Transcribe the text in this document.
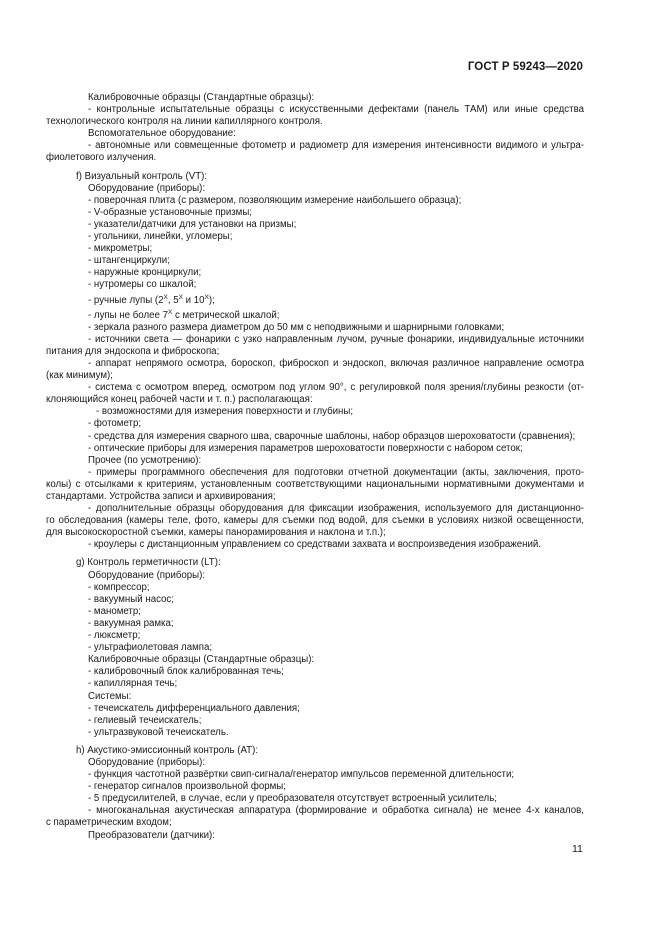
ГОСТ Р 59243—2020
Калибровочные образцы (Стандартные образцы):
- контрольные испытательные образцы с искусственными дефектами (панель ТАМ) или иные средства
технологического контроля на линии капиллярного контроля.
Вспомогательное оборудование:
- автономные или совмещенные фотометр и радиометр для измерения интенсивности видимого и ультра-
фиолетового излучения.
f) Визуальный контроль (VT):
Оборудование (приборы):
- поверочная плита (с размером, позволяющим измерение наибольшего образца);
- V-образные установочные призмы;
- указатели/датчики для установки на призмы;
- угольники, линейки, угломеры;
- микрометры;
- штангенциркули;
- наружные кронциркули;
- нутромеры со шкалой;
- ручные лупы ($2^Х$, $5^Х$ и $10^Х$);
- лупы не более $7^Х$ с метрической шкалой;
- зеркала разного размера диаметром до 50 мм с неподвижными и шарнирными головками;
- источники света — фонарики с узко направленным лучом, ручные фонарики, индивидуальные источники
питания для эндоскопа и фиброскопа;
- аппарат непрямого осмотра, бороскоп, фиброскоп и эндоскоп, включая различное направление осмотра
(как минимум);
- система с осмотром вперед, осмотром под углом 90°, с регулировкой поля зрения/глубины резкости (от-
клоняющийся конец рабочей части и т. п.) располагающая:
- возможностями для измерения поверхности и глубины;
- фотометр;
- средства для измерения сварного шва, сварочные шаблоны, набор образцов шероховатости (сравнения);
- оптические приборы для измерения параметров шероховатости поверхности с набором сеток;
Прочее (по усмотрению):
- примеры программного обеспечения для подготовки отчетной документации (акты, заключения, прото-
колы) с отсылками к критериям, установленным соответствующими национальными нормативными документами и
стандартами. Устройства записи и архивирования;
- дополнительные образцы оборудования для фиксации изображения, используемого для дистанционно-
го обследования (камеры теле, фото, камеры для съемки под водой, для съемки в условиях низкой освещенности,
для высокоскоростной съемки, камеры панорамирования и наклона и т.п.);
- кроулеры с дистанционным управлением со средствами захвата и воспроизведения изображений.
g) Контроль герметичности (LT):
Оборудование (приборы):
- компрессор;
- вакуумный насос;
- манометр;
- вакуумная рамка;
- люксметр;
- ультрафиолетовая лампа;
Калибровочные образцы (Стандартные образцы):
- калибровочный блок калиброванная течь;
- капиллярная течь;
Системы:
- течеискатель дифференциального давления;
- гелиевый течеискатель;
- ультразвуковой течеискатель.
h) Акустико-эмиссионный контроль (АТ):
Оборудование (приборы):
- функция частотной развёртки свип-сигнала/генератор импульсов переменной длительности;
- генератор сигналов произвольной формы;
- 5 предусилителей, в случае, если у преобразователя отсутствует встроенный усилитель;
- многоканальная акустическая аппаратура (формирование и обработка сигнала) не менее 4-х каналов,
с параметрическим входом;
Преобразователи (датчики):
11
